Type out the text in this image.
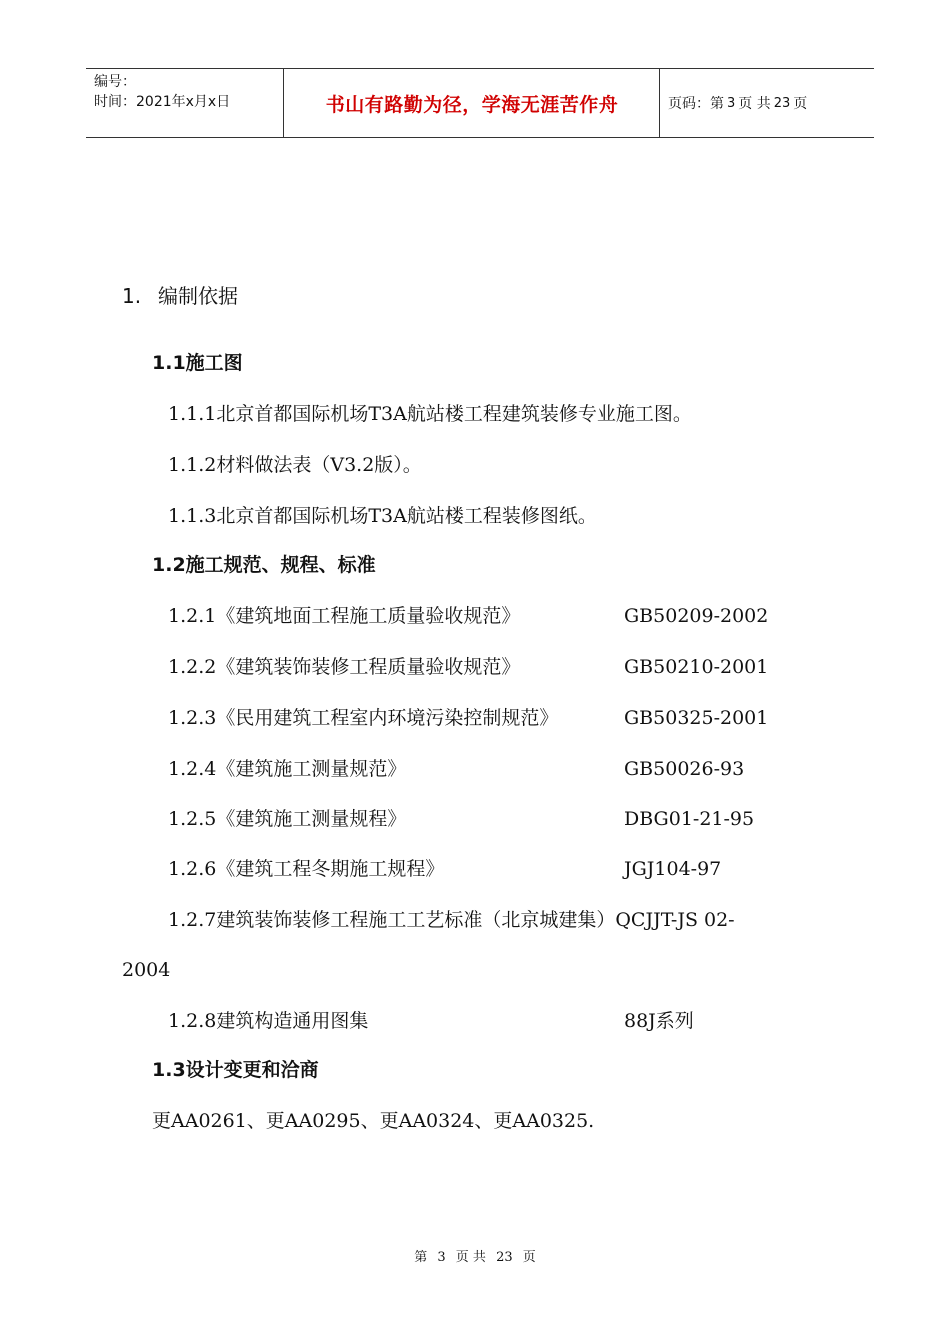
编号：
时间：2021年x月x日	书山有路勤为径，学海无涯苦作舟	页码：第 3 页 共 23 页
1. 编制依据
1.1施工图
1.1.1北京首都国际机场T3A航站楼工程建筑装修专业施工图。
1.1.2材料做法表（V3.2版）。
1.1.3北京首都国际机场T3A航站楼工程装修图纸。
1.2施工规范、规程、标准
1.2.1《建筑地面工程施工质量验收规范》	GB50209-2002
1.2.2《建筑装饰装修工程质量验收规范》	GB50210-2001
1.2.3《民用建筑工程室内环境污染控制规范》	GB50325-2001
1.2.4《建筑施工测量规范》	GB50026-93
1.2.5《建筑施工测量规程》	DBG01-21-95
1.2.6《建筑工程冬期施工规程》	JGJ104-97
1.2.7建筑装饰装修工程施工工艺标准（北京城建集）QCJJT-JS 02-
2004
1.2.8建筑构造通用图集	88J系列
1.3设计变更和洽商
更AA0261、更AA0295、更AA0324、更AA0325.
第 3 页 共 23 页
